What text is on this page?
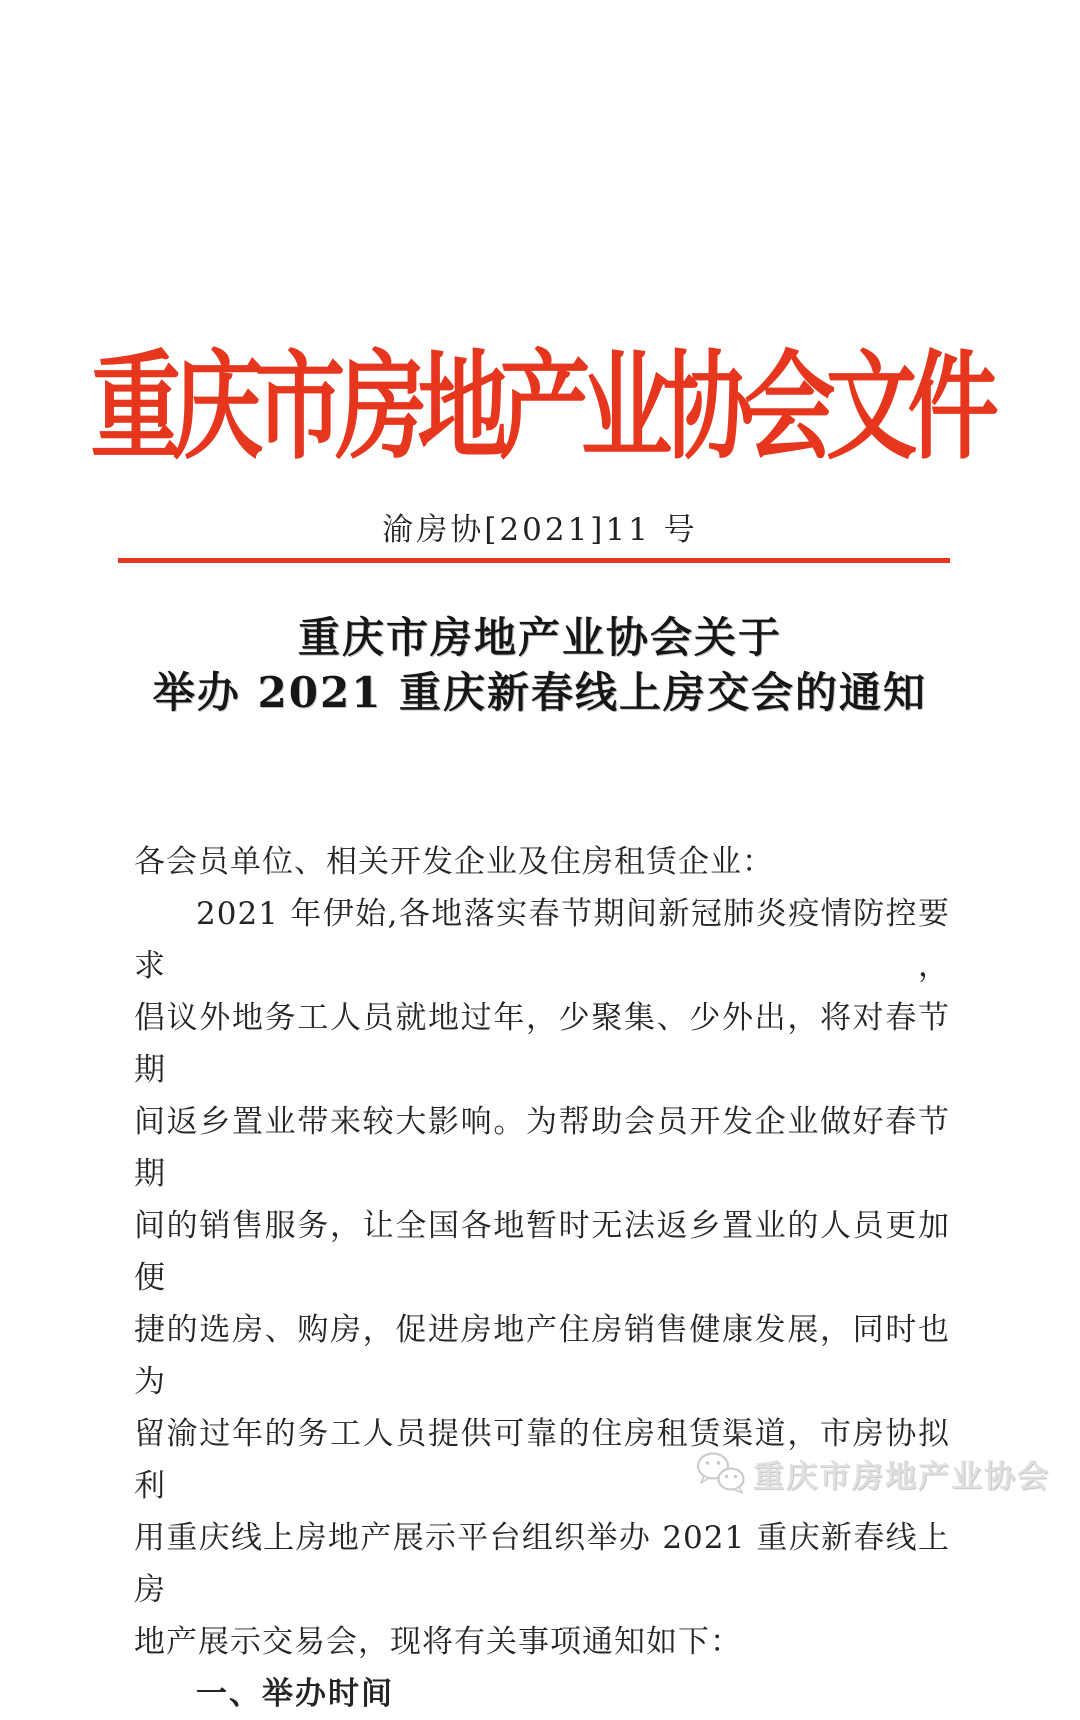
重庆市房地产业协会文件
渝房协[2021]11 号
重庆市房地产业协会关于
举办 2021 重庆新春线上房交会的通知
各会员单位、相关开发企业及住房租赁企业：
2021 年伊始,各地落实春节期间新冠肺炎疫情防控要求，
倡议外地务工人员就地过年，少聚集、少外出，将对春节期
间返乡置业带来较大影响。为帮助会员开发企业做好春节期
间的销售服务，让全国各地暂时无法返乡置业的人员更加便
捷的选房、购房，促进房地产住房销售健康发展，同时也为
留渝过年的务工人员提供可靠的住房租赁渠道，市房协拟利
用重庆线上房地产展示平台组织举办 2021 重庆新春线上房
地产展示交易会，现将有关事项通知如下：
一、举办时间
重庆市房地产业协会
